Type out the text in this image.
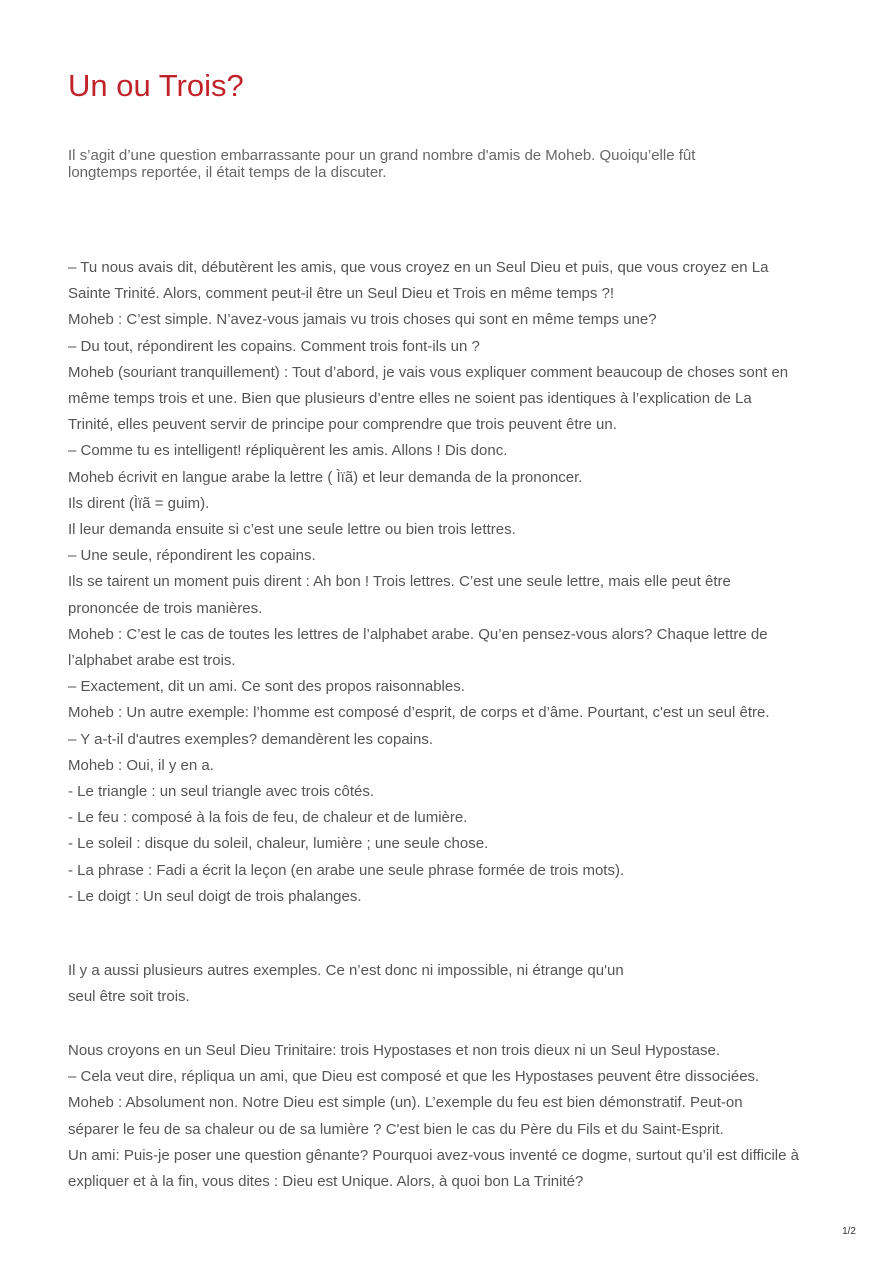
Un ou Trois?

Il s’agit d’une question embarrassante pour un grand nombre d'amis de Moheb. Quoiqu’elle fût

longtemps reportée, il était temps de la discuter.

– Tu nous avais dit, débutèrent les amis, que vous croyez en un Seul Dieu et puis, que vous croyez en La

Sainte Trinité. Alors, comment peut-il être un Seul Dieu et Trois en même temps ?!

Moheb : C’est simple. N’avez-vous jamais vu trois choses qui sont en même temps une?

– Du tout, répondirent les copains. Comment trois font-ils un ?

Moheb (souriant tranquillement) : Tout d’abord, je vais vous expliquer comment beaucoup de choses sont en

même temps trois et une. Bien que plusieurs d’entre elles ne soient pas identiques à l’explication de La

Trinité, elles peuvent servir de principe pour comprendre que trois peuvent être un.

– Comme tu es intelligent! répliquèrent les amis. Allons ! Dis donc.

Moheb écrivit en langue arabe la lettre ( Ìïã) et leur demanda de la prononcer.

Ils dirent (Ìïã = guim).

Il leur demanda ensuite si c’est une seule lettre ou bien trois lettres.

– Une seule, répondirent les copains.

Ils se tairent un moment puis dirent : Ah bon ! Trois lettres. C’est une seule lettre, mais elle peut être

prononcée de trois manières.

Moheb : C’est le cas de toutes les lettres de l’alphabet arabe. Qu’en pensez-vous alors? Chaque lettre de

l’alphabet arabe est trois.

– Exactement, dit un ami. Ce sont des propos raisonnables.

Moheb : Un autre exemple: l’homme est composé d’esprit, de corps et d’âme. Pourtant, c'est un seul être.

– Y a-t-il d'autres exemples? demandèrent les copains.

Moheb : Oui, il y en a.

- Le triangle : un seul triangle avec trois côtés.

- Le feu : composé à la fois de feu, de chaleur et de lumière.

- Le soleil : disque du soleil, chaleur, lumière ; une seule chose.

- La phrase : Fadi a écrit la leçon (en arabe une seule phrase formée de trois mots).

- Le doigt : Un seul doigt de trois phalanges.

Il y a aussi plusieurs autres exemples. Ce n’est donc ni impossible, ni étrange qu'un

seul être soit trois.

Nous croyons en un Seul Dieu Trinitaire: trois Hypostases et non trois dieux ni un Seul Hypostase.

– Cela veut dire, répliqua un ami, que Dieu est composé et que les Hypostases peuvent être dissociées.

Moheb : Absolument non. Notre Dieu est simple (un). L’exemple du feu est bien démonstratif. Peut-on

séparer le feu de sa chaleur ou de sa lumière ? C'est bien le cas du Père du Fils et du Saint-Esprit.

Un ami: Puis-je poser une question gênante? Pourquoi avez-vous inventé ce dogme, surtout qu’il est difficile à

expliquer et à la fin, vous dites : Dieu est Unique. Alors, à quoi bon La Trinité?

1/2
